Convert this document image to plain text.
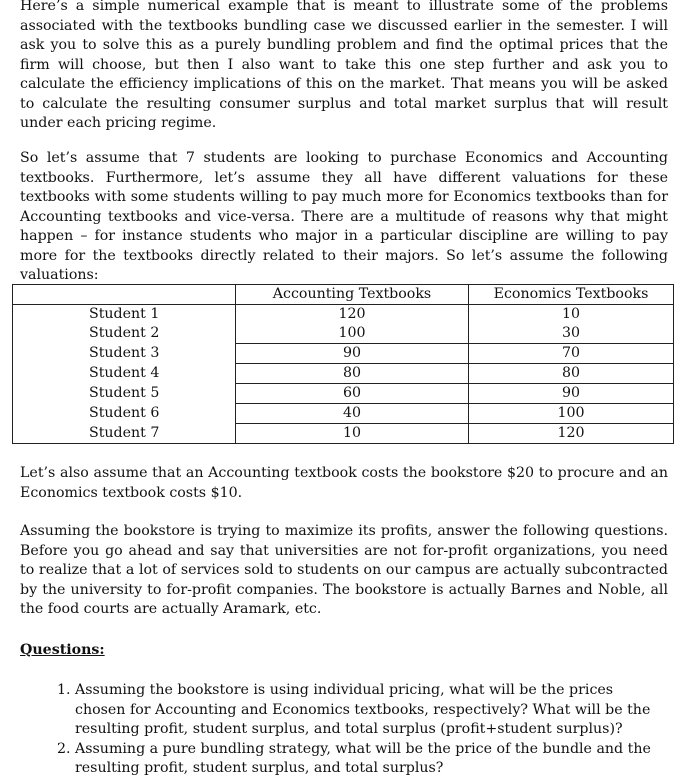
Here’s a simple numerical example that is meant to illustrate some of the problems associated with the textbooks bundling case we discussed earlier in the semester. I will ask you to solve this as a purely bundling problem and find the optimal prices that the firm will choose, but then I also want to take this one step further and ask you to calculate the efficiency implications of this on the market. That means you will be asked to calculate the resulting consumer surplus and total market surplus that will result under each pricing regime.

So let’s assume that 7 students are looking to purchase Economics and Accounting textbooks. Furthermore, let’s assume they all have different valuations for these textbooks with some students willing to pay much more for Economics textbooks than for Accounting textbooks and vice-versa. There are a multitude of reasons why that might happen – for instance students who major in a particular discipline are willing to pay more for the textbooks directly related to their majors. So let’s assume the following valuations:

	Accounting Textbooks	Economics Textbooks
Student 1	120	10
Student 2	100	30
Student 3	90	70
Student 4	80	80
Student 5	60	90
Student 6	40	100
Student 7	10	120

Let’s also assume that an Accounting textbook costs the bookstore $20 to procure and an Economics textbook costs $10.

Assuming the bookstore is trying to maximize its profits, answer the following questions. Before you go ahead and say that universities are not for-profit organizations, you need to realize that a lot of services sold to students on our campus are actually subcontracted by the university to for-profit companies. The bookstore is actually Barnes and Noble, all the food courts are actually Aramark, etc.

Questions:

1. Assuming the bookstore is using individual pricing, what will be the prices chosen for Accounting and Economics textbooks, respectively? What will be the resulting profit, student surplus, and total surplus (profit+student surplus)?
2. Assuming a pure bundling strategy, what will be the price of the bundle and the resulting profit, student surplus, and total surplus?
